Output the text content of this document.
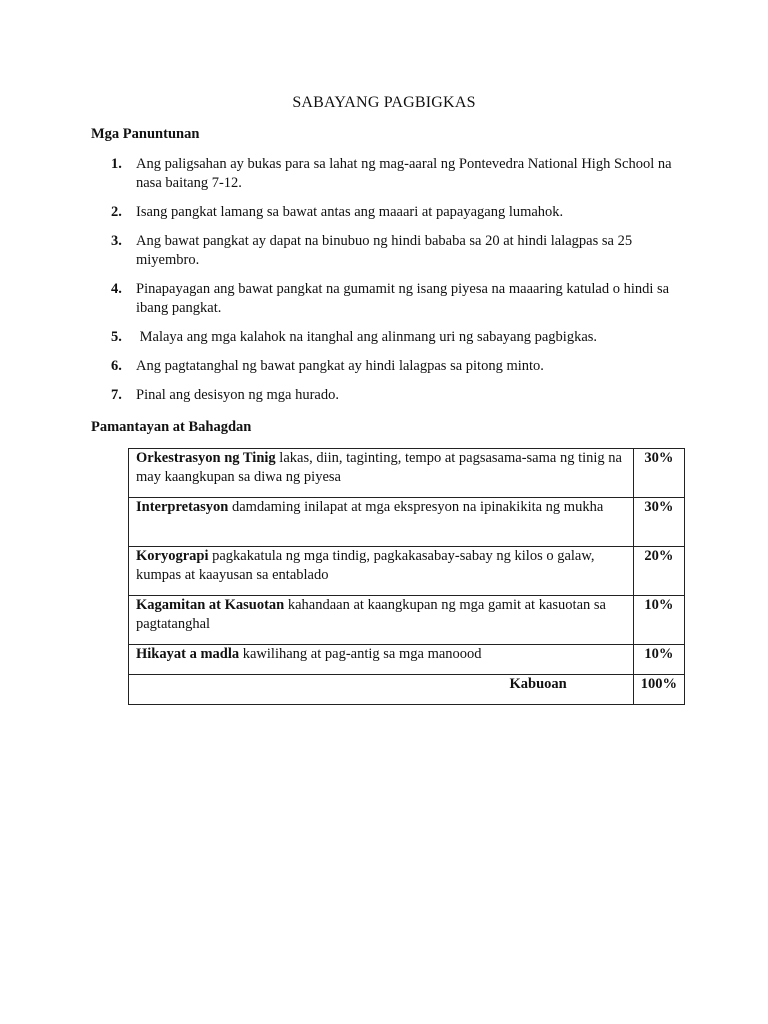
SABAYANG PAGBIGKAS
Mga Panuntunan
1. Ang paligsahan ay bukas para sa lahat ng mag-aaral ng Pontevedra National High School na nasa baitang 7-12.
2. Isang pangkat lamang sa bawat antas ang maaari at papayagang lumahok.
3. Ang bawat pangkat ay dapat na binubuo ng hindi bababa sa 20 at hindi lalagpas sa 25 miyembro.
4. Pinapayagan ang bawat pangkat na gumamit ng isang piyesa na maaaring katulad o hindi sa ibang pangkat.
5. Malaya ang mga kalahok na itanghal ang alinmang uri ng sabayang pagbigkas.
6. Ang pagtatanghal ng bawat pangkat ay hindi lalagpas sa pitong minto.
7. Pinal ang desisyon ng mga hurado.
Pamantayan at Bahagdan
Orkestrasyon ng Tinig lakas, diin, taginting, tempo at pagsasama-sama ng tinig na may kaangkupan sa diwa ng piyesa	30%
Interpretasyon damdaming inilapat at mga ekspresyon na ipinakikita ng mukha	30%
Koryograpi pagkakatula ng mga tindig, pagkakasabay-sabay ng kilos o galaw, kumpas at kaayusan sa entablado	20%
Kagamitan at Kasuotan kahandaan at kaangkupan ng mga gamit at kasuotan sa pagtatanghal	10%
Hikayat a madla kawilihang at pag-antig sa mga manoood	10%
Kabuoan	100%
